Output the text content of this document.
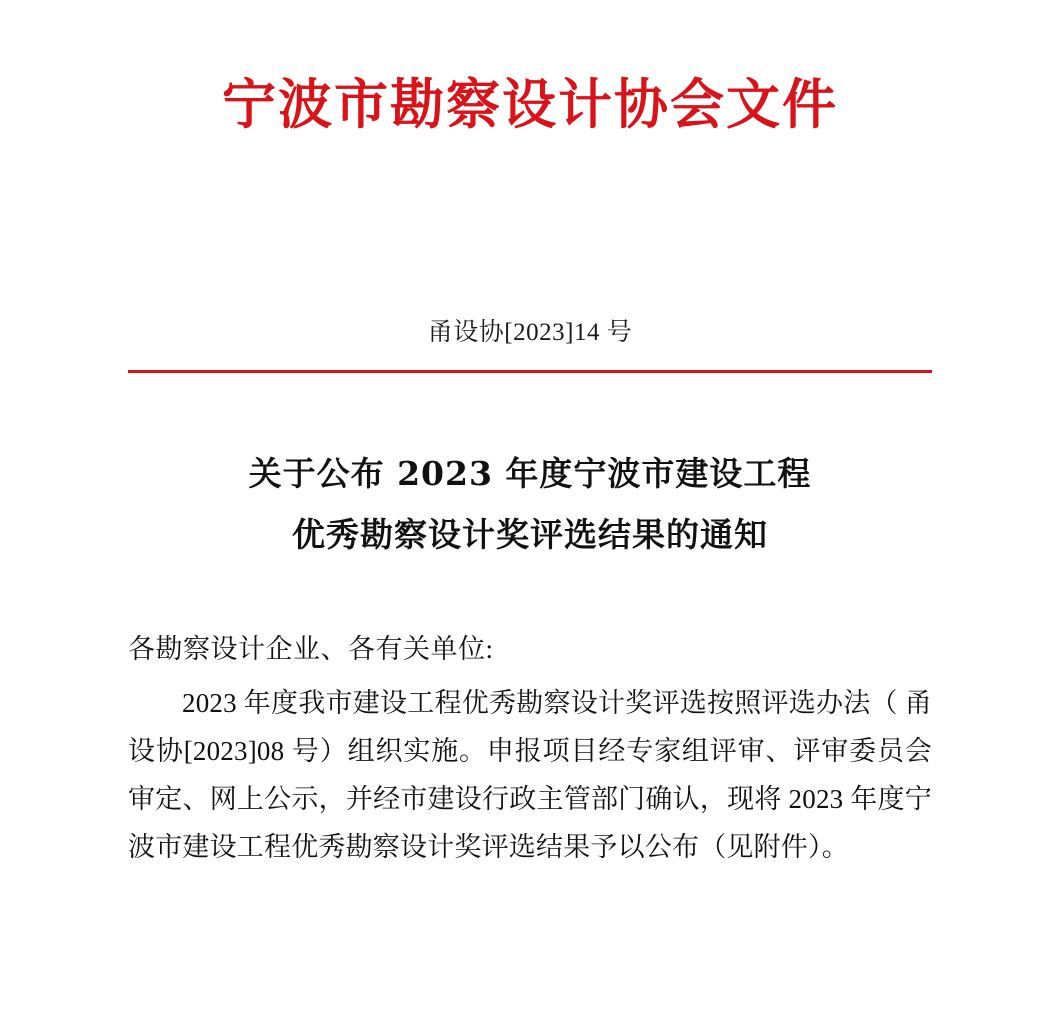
宁波市勘察设计协会文件
甬设协[2023]14 号
关于公布 2023 年度宁波市建设工程
优秀勘察设计奖评选结果的通知
各勘察设计企业、各有关单位:

2023 年度我市建设工程优秀勘察设计奖评选按照评选办法（ 甬设协[2023]08 号）组织实施。申报项目经专家组评审、评审委员会审定、网上公示，并经市建设行政主管部门确认，现将 2023 年度宁波市建设工程优秀勘察设计奖评选结果予以公布（见附件）。
